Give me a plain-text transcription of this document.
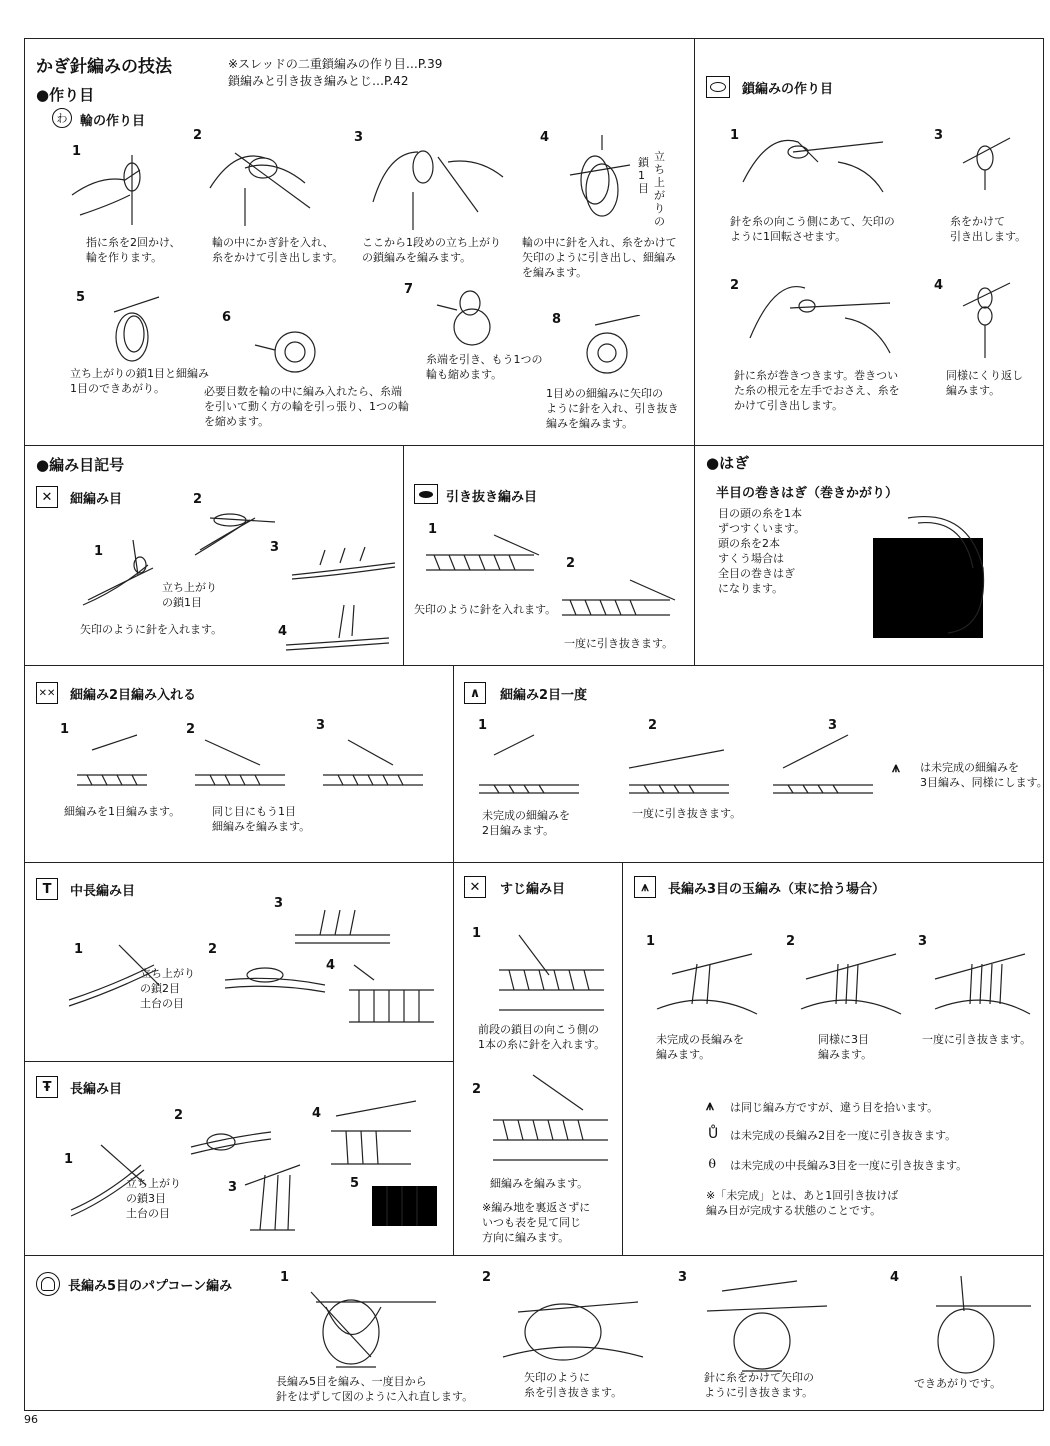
かぎ針編みの技法	※スレッドの二重鎖編みの作り目…P.39
鎖編みと引き抜き編みとじ…P.42
●作り目
わ 輪の作り目
1
指に糸を2回かけ、
輪を作ります。
2
輪の中にかぎ針を入れ、
糸をかけて引き出します。
3
ここから1段めの立ち上がり
の鎖編みを編みます。
4
輪の中に針を入れ、糸をかけて
矢印のように引き出し、細編み
を編みます。
立ち上がりの
鎖1目
5
立ち上がりの鎖1目と細編み
1目のできあがり。
6
必要目数を輪の中に編み入れたら、糸端
を引いて動く方の輪を引っ張り、1つの輪
を縮めます。
7
糸端を引き、もう1つの
輪も縮めます。
8
1目めの細編みに矢印の
ように針を入れ、引き抜き
編みを編みます。
鎖編みの作り目
1
針を糸の向こう側にあて、矢印の
ように1回転させます。
3
糸をかけて
引き出します。
2
針に糸が巻きつきます。巻きつい
た糸の根元を左手でおさえ、糸を
かけて引き出します。
4
同様にくり返し
編みます。
●編み目記号
✕ 細編み目
1
2
3
4
立ち上がり
の鎖1目
矢印のように針を入れます。
引き抜き編み目
1
2
矢印のように針を入れます。
一度に引き抜きます。
●はぎ
半目の巻きはぎ（巻きかがり）
目の頭の糸を1本
ずつすくいます。
頭の糸を2本
すくう場合は
全目の巻きはぎ
になります。
✕✕ 細編み2目編み入れる
1	2	3
細編みを1目編みます。	同じ目にもう1目
細編みを編みます。
∧ 細編み2目一度
1	2	3
未完成の細編みを
2目編みます。
一度に引き抜きます。
⩚ は未完成の細編みを
3目編み、同様にします。
T 中長編み目
1	2
3
4
立ち上がり
の鎖2目
土台の目
Ŧ 長編み目
1
2
3
4
5
立ち上がり
の鎖3目
土台の目
✕ すじ編み目
1
2
前段の鎖目の向こう側の
1本の糸に針を入れます。
細編みを編みます。
※編み地を裏返さずに
いつも表を見て同じ
方向に編みます。
⩚ 長編み3目の玉編み（束に拾う場合）
1	2	3
未完成の長編みを
編みます。
同様に3目
編みます。
一度に引き抜きます。
⩚ は同じ編み方ですが、違う目を拾います。
Ů は未完成の長編み2目を一度に引き抜きます。
⍬ は未完成の中長編み3目を一度に引き抜きます。
※「未完成」とは、あと1回引き抜けば
編み目が完成する状態のことです。
長編み5目のパプコーン編み
1	2	3	4
長編み5目を編み、一度目から
針をはずして図のように入れ直します。
矢印のように
糸を引き抜きます。
針に糸をかけて矢印の
ように引き抜きます。
できあがりです。
96
